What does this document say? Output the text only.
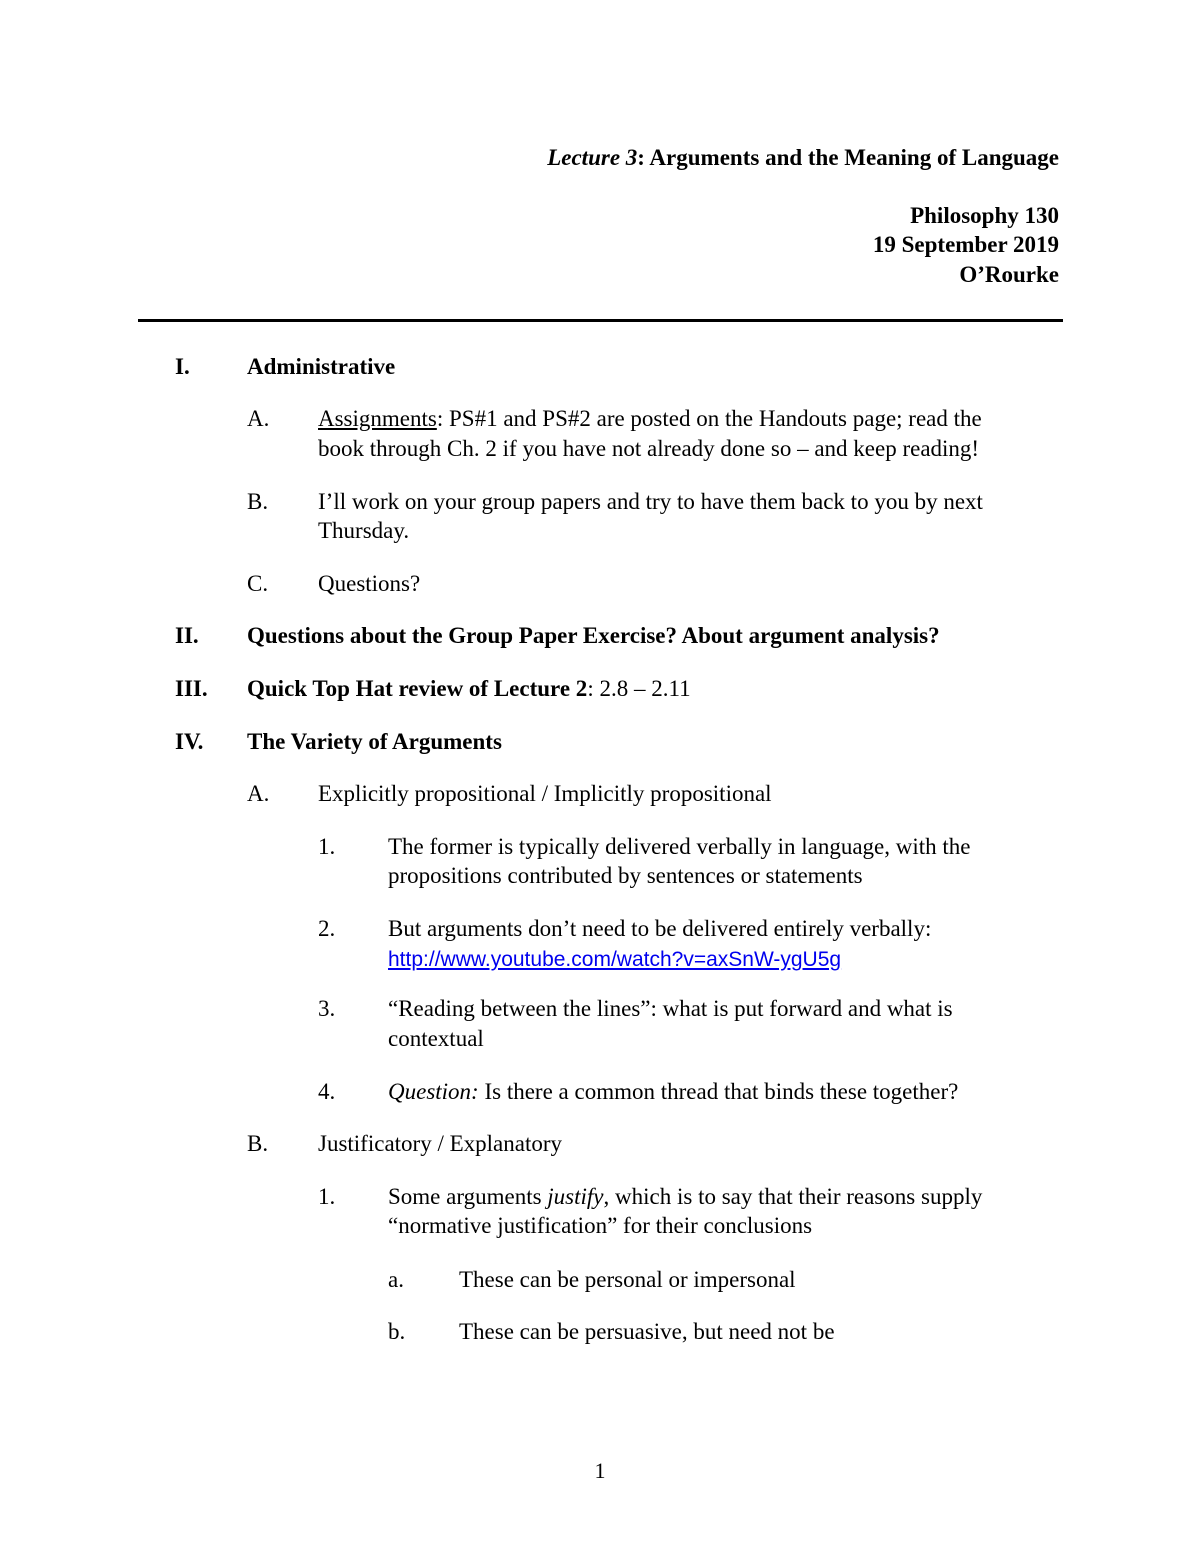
Lecture 3: Arguments and the Meaning of Language
Philosophy 130
19 September 2019
O’Rourke
I. Administrative
A. Assignments: PS#1 and PS#2 are posted on the Handouts page; read the
book through Ch. 2 if you have not already done so – and keep reading!
B. I’ll work on your group papers and try to have them back to you by next
Thursday.
C. Questions?
II. Questions about the Group Paper Exercise? About argument analysis?
III. Quick Top Hat review of Lecture 2: 2.8 – 2.11
IV. The Variety of Arguments
A. Explicitly propositional / Implicitly propositional
1. The former is typically delivered verbally in language, with the
propositions contributed by sentences or statements
2. But arguments don’t need to be delivered entirely verbally:
http://www.youtube.com/watch?v=axSnW-ygU5g
3. “Reading between the lines”: what is put forward and what is
contextual
4. Question: Is there a common thread that binds these together?
B. Justificatory / Explanatory
1. Some arguments justify, which is to say that their reasons supply
“normative justification” for their conclusions
a. These can be personal or impersonal
b. These can be persuasive, but need not be
1
